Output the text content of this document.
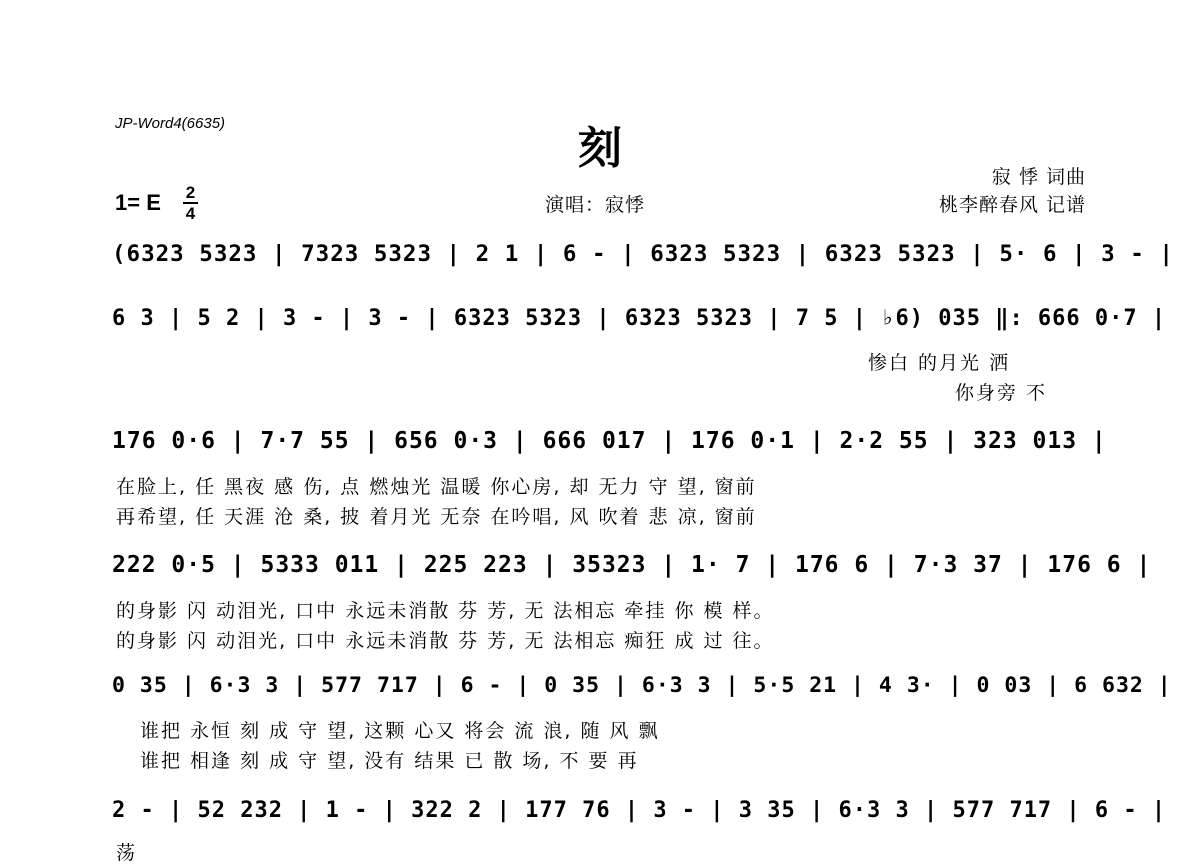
JP-Word4(6635)	刻
1= E 2
4	演唱：寂悸
寂 悸 词曲
桃李醉春风 记谱
(6323 5323 | 7323 5323 | 2 1 | 6 - | 6323 5323 | 6323 5323 | 5· 6 | 3 - |
6 3 | 5 2 | 3 - | 3 - | 6323 5323 | 6323 5323 | 7 5 | ♭6) 035 ‖: 666 0·7 |
惨白 的月光 洒
你身旁 不
176 0·6 | 7·7 55 | 656 0·3 | 666 017 | 176 0·1 | 2·2 55 | 323 013 |
在脸上, 任 黑夜 感 伤, 点 燃烛光 温暖 你心房, 却 无力 守 望, 窗前
再希望, 任 天涯 沧 桑, 披 着月光 无奈 在吟唱, 风 吹着 悲 凉, 窗前
222 0·5 | 5333 011 | 225 223 | 35323 | 1· 7 | 176 6 | 7·3 37 | 176 6 |
的身影 闪 动泪光, 口中 永远未消散 芬 芳, 无 法相忘 牵挂 你 模 样。
的身影 闪 动泪光, 口中 永远未消散 芬 芳, 无 法相忘 痴狂 成 过 往。
0 35 | 6·3 3 | 577 717 | 6 - | 0 35 | 6·3 3 | 5·5 21 | 4 3· | 0 03 | 6 632 |
谁把 永恒 刻 成 守 望, 这颗 心又 将会 流 浪, 随 风 飘
谁把 相逢 刻 成 守 望, 没有 结果 已 散 场, 不 要 再
2 - | 52 232 | 1 - | 322 2 | 177 76 | 3 - | 3 35 | 6·3 3 | 577 717 | 6 - |
荡
